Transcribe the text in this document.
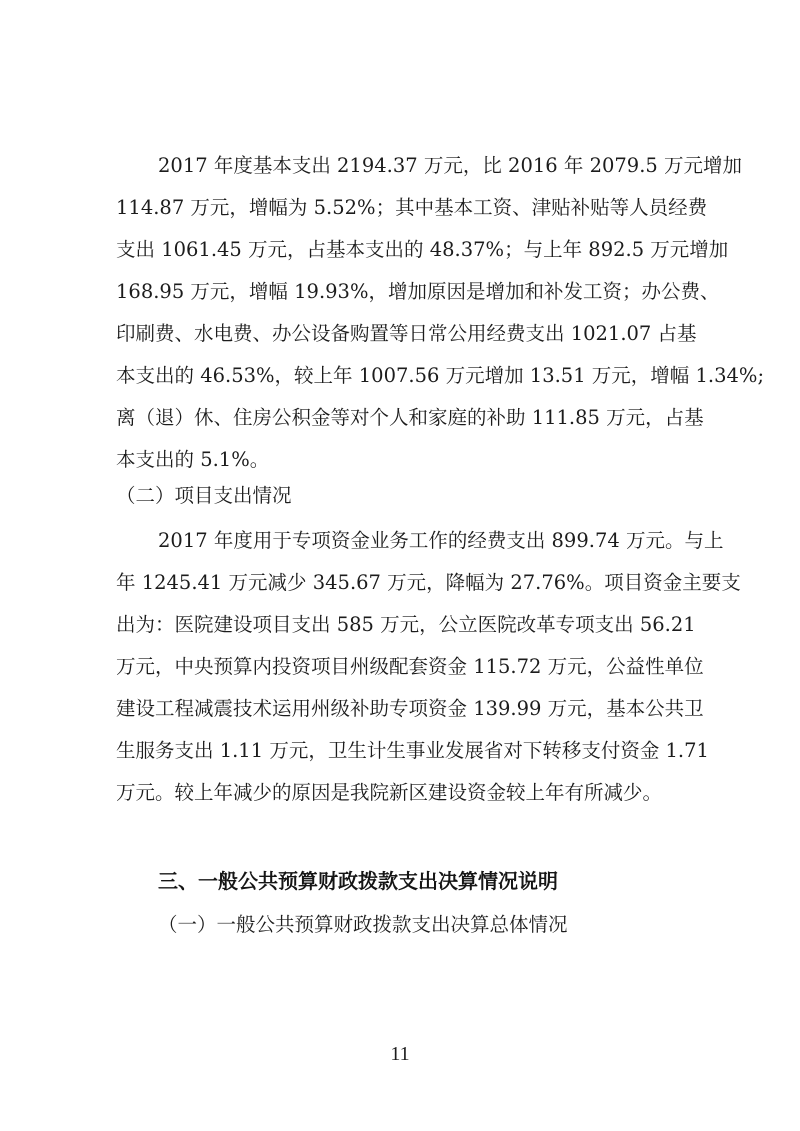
2017 年度基本支出 2194.37 万元，比 2016 年 2079.5 万元增加
114.87 万元，增幅为 5.52%；其中基本工资、津贴补贴等人员经费
支出 1061.45 万元，占基本支出的 48.37%；与上年 892.5 万元增加
168.95 万元，增幅 19.93%，增加原因是增加和补发工资；办公费、
印刷费、水电费、办公设备购置等日常公用经费支出 1021.07 占基
本支出的 46.53%，较上年 1007.56 万元增加 13.51 万元，增幅 1.34%;
离（退）休、住房公积金等对个人和家庭的补助 111.85 万元，占基
本支出的 5.1%。
（二）项目支出情况
2017 年度用于专项资金业务工作的经费支出 899.74 万元。与上
年 1245.41 万元减少 345.67 万元，降幅为 27.76%。项目资金主要支
出为：医院建设项目支出 585 万元，公立医院改革专项支出 56.21
万元，中央预算内投资项目州级配套资金 115.72 万元，公益性单位
建设工程减震技术运用州级补助专项资金 139.99 万元，基本公共卫
生服务支出 1.11 万元，卫生计生事业发展省对下转移支付资金 1.71
万元。较上年减少的原因是我院新区建设资金较上年有所减少。
三、一般公共预算财政拨款支出决算情况说明
（一）一般公共预算财政拨款支出决算总体情况
11
